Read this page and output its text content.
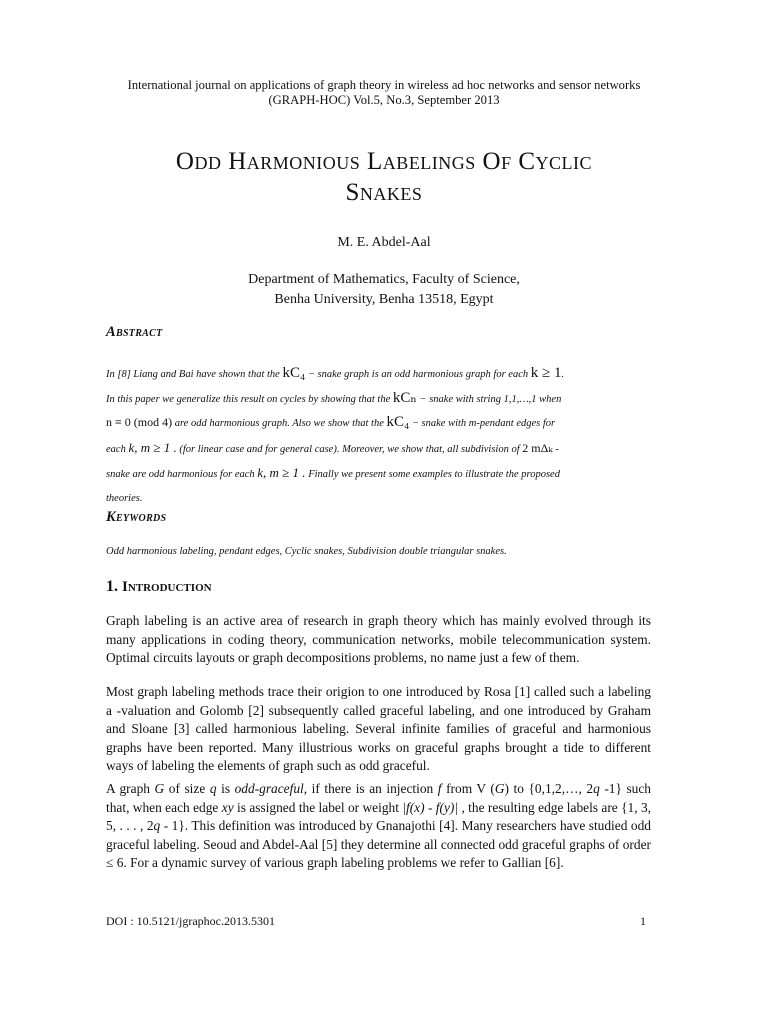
International journal on applications of graph theory in wireless ad hoc networks and sensor networks
(GRAPH-HOC) Vol.5, No.3, September 2013
Odd Harmonious Labelings Of Cyclic
Snakes
M. E. Abdel-Aal
Department of Mathematics, Faculty of Science,
Benha University, Benha 13518, Egypt
Abstract
In [8] Liang and Bai have shown that the kC₄ − snake graph is an odd harmonious graph for each k ≥ 1.
In this paper we generalize this result on cycles by showing that the kCₙ − snake with string 1,1,…,1 when
n ≡ 0 (mod 4) are odd harmonious graph. Also we show that the kC₄ − snake with m-pendant edges for
each k, m ≥ 1 . (for linear case and for general case). Moreover, we show that, all subdivision of 2 mΔₖ -
snake are odd harmonious for each k, m ≥ 1 . Finally we present some examples to illustrate the proposed
theories.
Keywords
Odd harmonious labeling, pendant edges, Cyclic snakes, Subdivision double triangular snakes.
1. Introduction
Graph labeling is an active area of research in graph theory which has mainly evolved through its many applications in coding theory, communication networks, mobile telecommunication system. Optimal circuits layouts or graph decompositions problems, no name just a few of them.
Most graph labeling methods trace their origion to one introduced by Rosa [1] called such a labeling a -valuation and Golomb [2] subsequently called graceful labeling, and one introduced by Graham and Sloane [3] called harmonious labeling. Several infinite families of graceful and harmonious graphs have been reported. Many illustrious works on graceful graphs brought a tide to different ways of labeling the elements of graph such as odd graceful.
A graph G of size q is odd-graceful, if there is an injection f from V (G) to {0,1,2,…, 2q -1} such that, when each edge xy is assigned the label or weight |f(x) - f(y)| , the resulting edge labels are {1, 3, 5, . . . , 2q - 1}. This definition was introduced by Gnanajothi [4]. Many researchers have studied odd graceful labeling. Seoud and Abdel-Aal [5] they determine all connected odd graceful graphs of order ≤ 6. For a dynamic survey of various graph labeling problems we refer to Gallian [6].
DOI : 10.5121/jgraphoc.2013.5301	1
